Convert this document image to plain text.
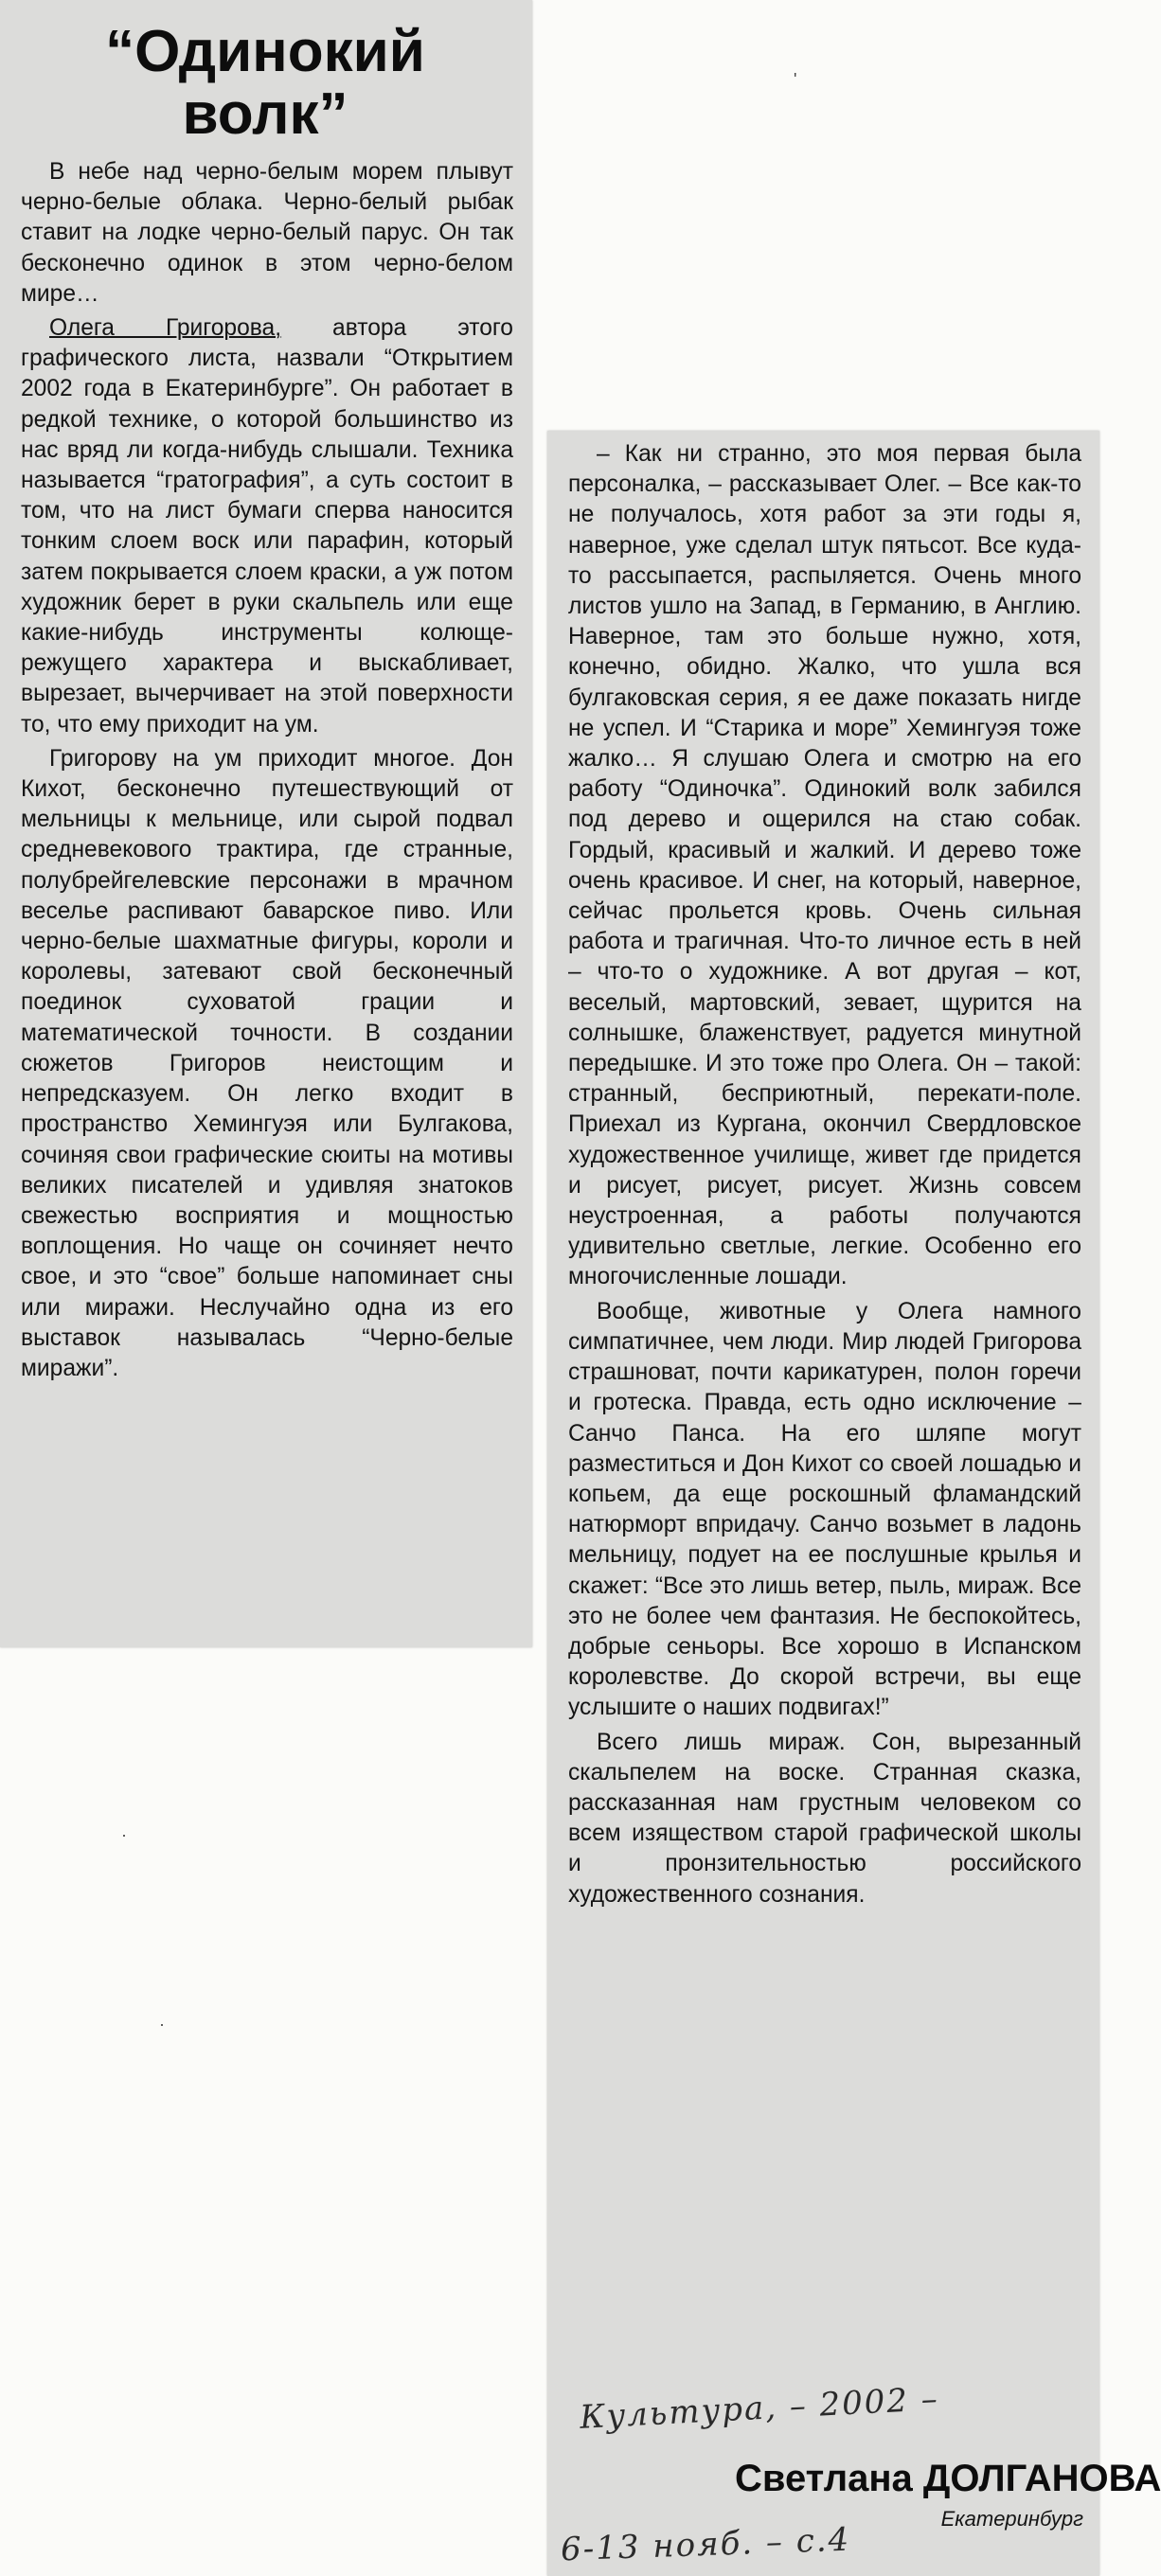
“Одинокий
волк”

В небе над черно-белым морем плывут черно-белые облака. Черно-белый рыбак ставит на лодке черно-белый парус. Он так бесконечно одинок в этом черно-белом мире…

Олега Григорова, автора этого графического листа, назвали “Открытием 2002 года в Екатеринбурге”. Он работает в редкой технике, о которой большинство из нас вряд ли когда-нибудь слышали. Техника называется “гратография”, а суть состоит в том, что на лист бумаги сперва наносится тонким слоем воск или парафин, который затем покрывается слоем краски, а уж потом художник берет в руки скальпель или еще какие-нибудь инструменты колюще-режущего характера и выскабливает, вырезает, вычерчивает на этой поверхности то, что ему приходит на ум.

Григорову на ум приходит многое. Дон Кихот, бесконечно путешествующий от мельницы к мельнице, или сырой подвал средневекового трактира, где странные, полубрейгелевские персонажи в мрачном веселье распивают баварское пиво. Или черно-белые шахматные фигуры, короли и королевы, затевают свой бесконечный поединок суховатой грации и математической точности. В создании сюжетов Григоров неистощим и непредсказуем. Он легко входит в пространство Хемингуэя или Булгакова, сочиняя свои графические сюиты на мотивы великих писателей и удивляя знатоков свежестью восприятия и мощностью воплощения. Но чаще он сочиняет нечто свое, и это “свое” больше напоминает сны или миражи. Неслучайно одна из его выставок называлась “Черно-белые миражи”.

– Как ни странно, это моя первая была персоналка, – рассказывает Олег. – Все как-то не получалось, хотя работ за эти годы я, наверное, уже сделал штук пятьсот. Все куда-то рассыпается, распыляется. Очень много листов ушло на Запад, в Германию, в Англию. Наверное, там это больше нужно, хотя, конечно, обидно. Жалко, что ушла вся булгаковская серия, я ее даже показать нигде не успел. И “Старика и море” Хемингуэя тоже жалко… Я слушаю Олега и смотрю на его работу “Одиночка”. Одинокий волк забился под дерево и ощерился на стаю собак. Гордый, красивый и жалкий. И дерево тоже очень красивое. И снег, на который, наверное, сейчас прольется кровь. Очень сильная работа и трагичная. Что-то личное есть в ней – что-то о художнике. А вот другая – кот, веселый, мартовский, зевает, щурится на солнышке, блаженствует, радуется минутной передышке. И это тоже про Олега. Он – такой: странный, бесприютный, перекати-поле. Приехал из Кургана, окончил Свердловское художественное училище, живет где придется и рисует, рисует, рисует. Жизнь совсем неустроенная, а работы получаются удивительно светлые, легкие. Особенно его многочисленные лошади.

Вообще, животные у Олега намного симпатичнее, чем люди. Мир людей Григорова страшноват, почти карикатурен, полон горечи и гротеска. Правда, есть одно исключение – Санчо Панса. На его шляпе могут разместиться и Дон Кихот со своей лошадью и копьем, да еще роскошный фламандский натюрморт впридачу. Санчо возьмет в ладонь мельницу, подует на ее послушные крылья и скажет: “Все это лишь ветер, пыль, мираж. Все это не более чем фантазия. Не беспокойтесь, добрые сеньоры. Все хорошо в Испанском королевстве. До скорой встречи, вы еще услышите о наших подвигах!”

Всего лишь мираж. Сон, вырезанный скальпелем на воске. Странная сказка, рассказанная нам грустным человеком со всем изяществом старой графической школы и пронзительностью российского художественного сознания.

Культура, – 2002 –

Светлана ДОЛГАНОВА

Екатеринбург

6-13 нояб. – с.4

ʹ
·
·
